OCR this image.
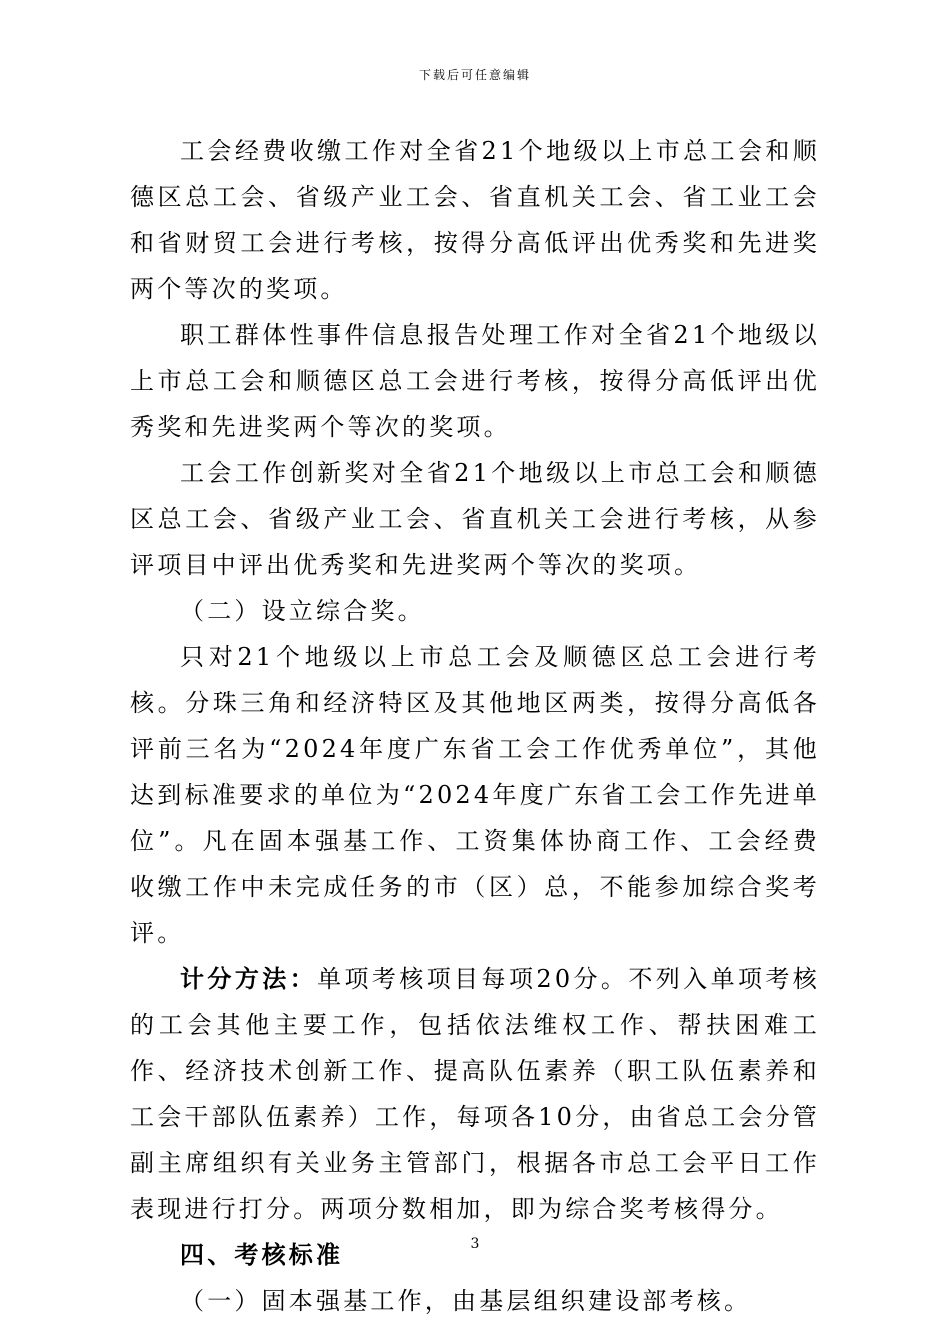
下载后可任意编辑

工会经费收缴工作对全省21个地级以上市总工会和顺德区总工会、省级产业工会、省直机关工会、省工业工会和省财贸工会进行考核，按得分高低评出优秀奖和先进奖两个等次的奖项。

职工群体性事件信息报告处理工作对全省21个地级以上市总工会和顺德区总工会进行考核，按得分高低评出优秀奖和先进奖两个等次的奖项。

工会工作创新奖对全省21个地级以上市总工会和顺德区总工会、省级产业工会、省直机关工会进行考核，从参评项目中评出优秀奖和先进奖两个等次的奖项。

（二）设立综合奖。

只对21个地级以上市总工会及顺德区总工会进行考核。分珠三角和经济特区及其他地区两类，按得分高低各评前三名为“2024年度广东省工会工作优秀单位”，其他达到标准要求的单位为“2024年度广东省工会工作先进单位”。凡在固本强基工作、工资集体协商工作、工会经费收缴工作中未完成任务的市（区）总，不能参加综合奖考评。

计分方法：单项考核项目每项20分。不列入单项考核的工会其他主要工作，包括依法维权工作、帮扶困难工作、经济技术创新工作、提高队伍素养（职工队伍素养和工会干部队伍素养）工作，每项各10分，由省总工会分管副主席组织有关业务主管部门，根据各市总工会平日工作表现进行打分。两项分数相加，即为综合奖考核得分。

四、考核标准

（一）固本强基工作，由基层组织建设部考核。

3
